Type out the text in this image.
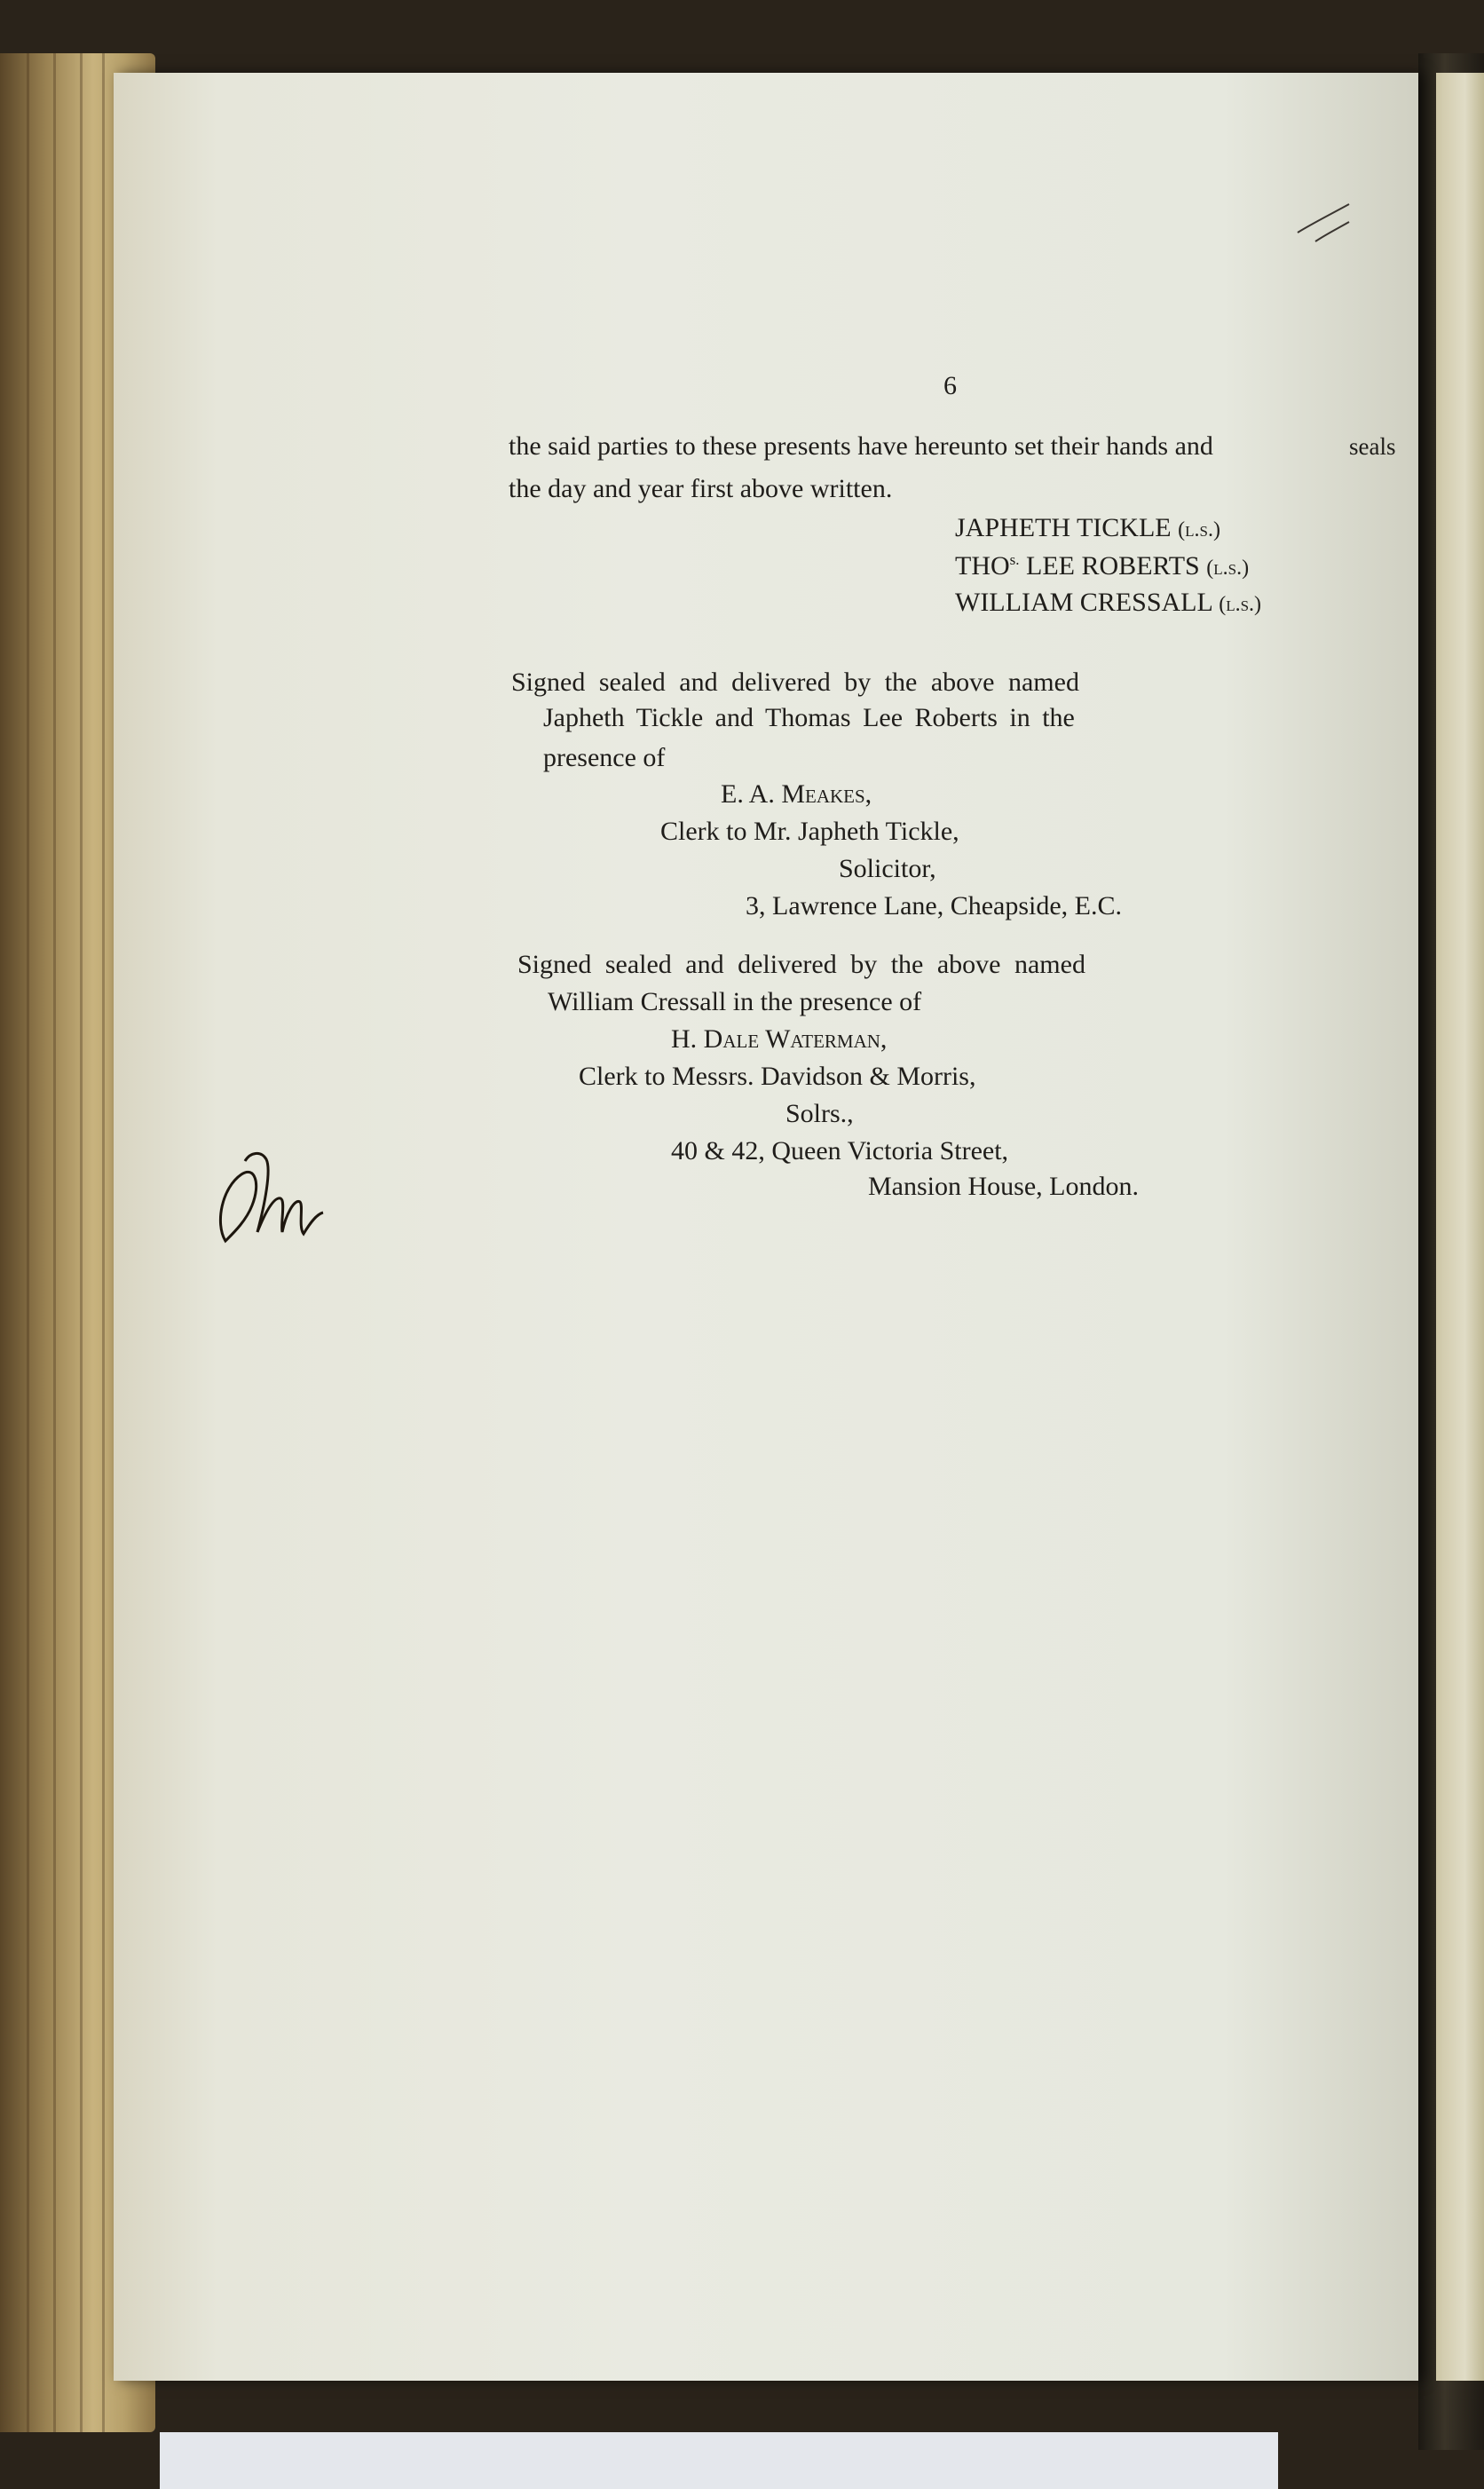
6
the said parties to these presents have hereunto set their hands and	seals
the day and year first above written.
JAPHETH TICKLE (l.s.)
$THO^{s.}$ LEE ROBERTS (l.s.)
WILLIAM CRESSALL (l.s.)
Signed sealed and delivered by the above named
Japheth Tickle and Thomas Lee Roberts in the
presence of
E. A. Meakes,
Clerk to Mr. Japheth Tickle,
Solicitor,
3, Lawrence Lane, Cheapside, E.C.
Signed sealed and delivered by the above named
William Cressall in the presence of
H. Dale Waterman,
Clerk to Messrs. Davidson & Morris,
Solrs.,
40 & 42, Queen Victoria Street,
Mansion House, London.
